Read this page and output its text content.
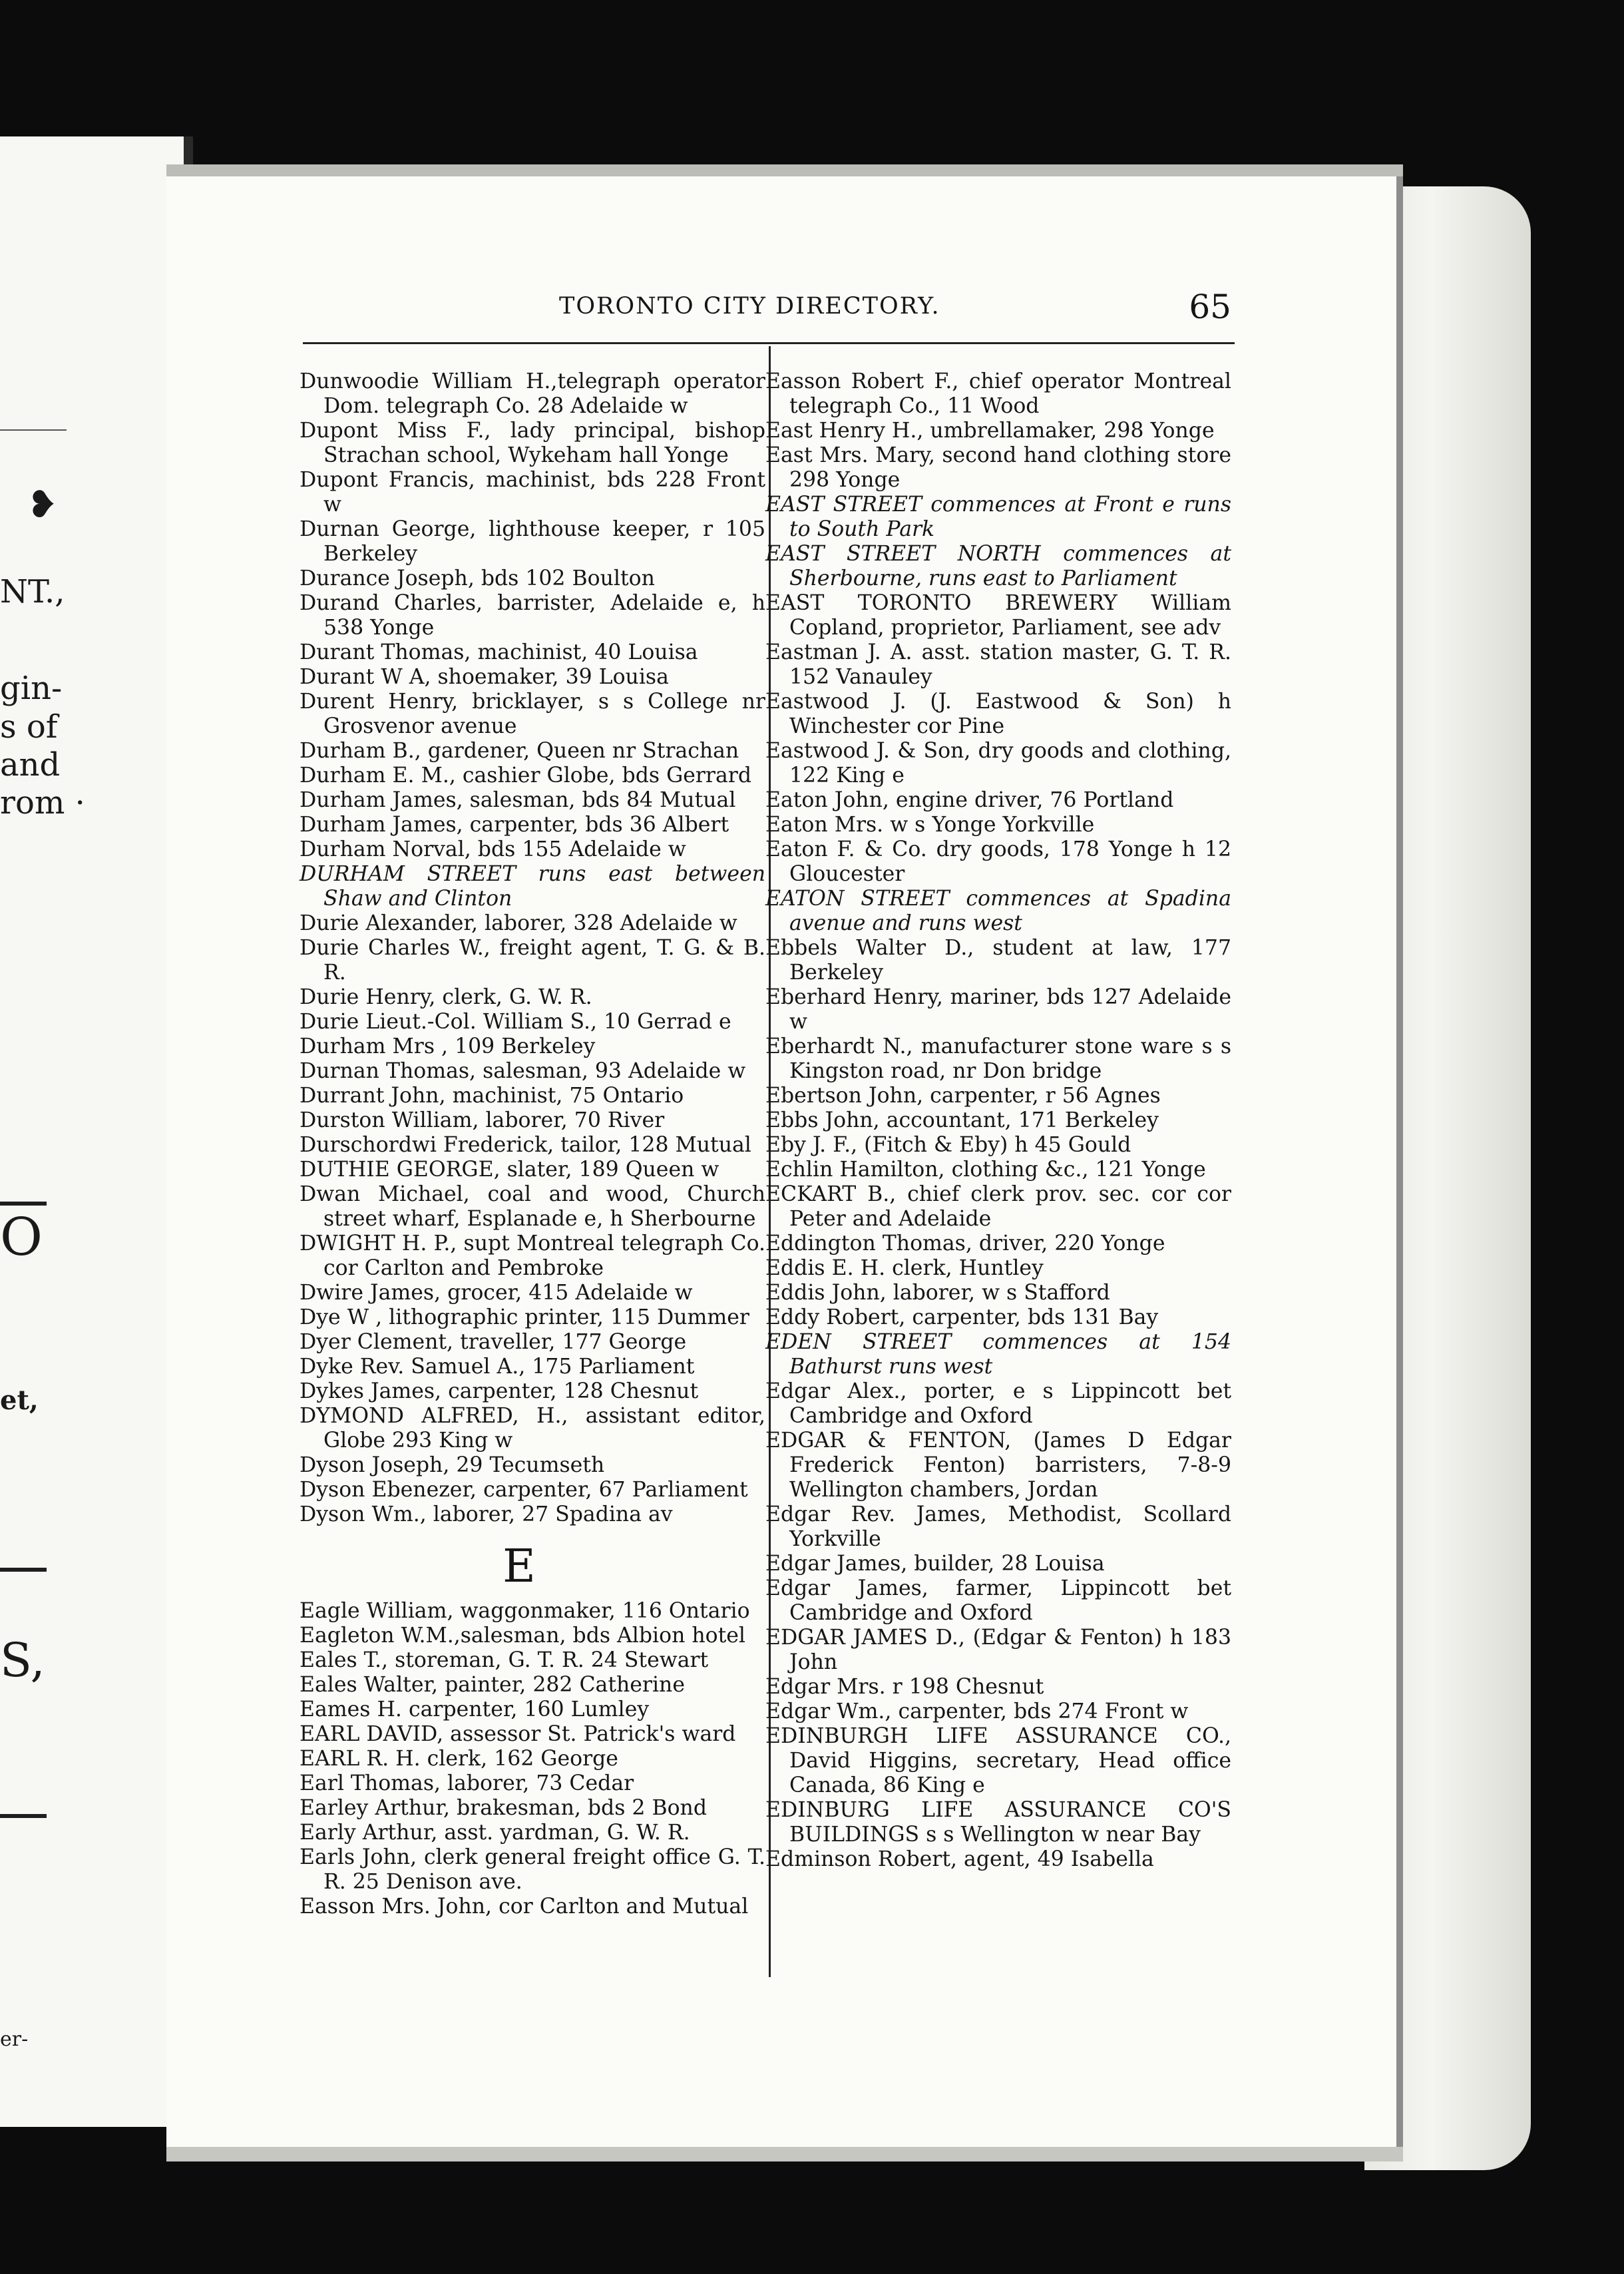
❥
NT.,
gin-
s of
and
rom ·
O
et,
S,
er-
TORONTO CITY DIRECTORY.	65

Dunwoodie William H.,telegraph operator Dom. telegraph Co. 28 Adelaide w

Dupont Miss F., lady principal, bishop Strachan school, Wykeham hall Yonge

Dupont Francis, machinist, bds 228 Front w

Durnan George, lighthouse keeper, r 105 Berkeley

Durance Joseph, bds 102 Boulton

Durand Charles, barrister, Adelaide e, h 538 Yonge

Durant Thomas, machinist, 40 Louisa

Durant W A, shoemaker, 39 Louisa

Durent Henry, bricklayer, s s College nr Grosvenor avenue

Durham B., gardener, Queen nr Strachan

Durham E. M., cashier Globe, bds Gerrard

Durham James, salesman, bds 84 Mutual

Durham James, carpenter, bds 36 Albert

Durham Norval, bds 155 Adelaide w

DURHAM STREET runs east between Shaw and Clinton

Durie Alexander, laborer, 328 Adelaide w

Durie Charles W., freight agent, T. G. & B. R.

Durie Henry, clerk, G. W. R.

Durie Lieut.-Col. William S., 10 Gerrad e

Durham Mrs , 109 Berkeley

Durnan Thomas, salesman, 93 Adelaide w

Durrant John, machinist, 75 Ontario

Durston William, laborer, 70 River

Durschordwi Frederick, tailor, 128 Mutual

DUTHIE GEORGE, slater, 189 Queen w

Dwan Michael, coal and wood, Church street wharf, Esplanade e, h Sherbourne

DWIGHT H. P., supt Montreal telegraph Co. cor Carlton and Pembroke

Dwire James, grocer, 415 Adelaide w

Dye W , lithographic printer, 115 Dummer

Dyer Clement, traveller, 177 George

Dyke Rev. Samuel A., 175 Parliament

Dykes James, carpenter, 128 Chesnut

DYMOND ALFRED, H., assistant editor, Globe 293 King w

Dyson Joseph, 29 Tecumseth

Dyson Ebenezer, carpenter, 67 Parliament

Dyson Wm., laborer, 27 Spadina av

E

Eagle William, waggonmaker, 116 Ontario

Eagleton W.M.,salesman, bds Albion hotel

Eales T., storeman, G. T. R. 24 Stewart

Eales Walter, painter, 282 Catherine

Eames H. carpenter, 160 Lumley

EARL DAVID, assessor St. Patrick's ward

EARL R. H. clerk, 162 George

Earl Thomas, laborer, 73 Cedar

Earley Arthur, brakesman, bds 2 Bond

Early Arthur, asst. yardman, G. W. R.

Earls John, clerk general freight office G. T. R. 25 Denison ave.

Easson Mrs. John, cor Carlton and Mutual

Easson Robert F., chief operator Montreal telegraph Co., 11 Wood

East Henry H., umbrellamaker, 298 Yonge

East Mrs. Mary, second hand clothing store 298 Yonge

EAST STREET commences at Front e runs to South Park

EAST STREET NORTH commences at Sherbourne, runs east to Parliament

EAST TORONTO BREWERY William Copland, proprietor, Parliament, see adv

Eastman J. A. asst. station master, G. T. R. 152 Vanauley

Eastwood J. (J. Eastwood & Son) h Winchester cor Pine

Eastwood J. & Son, dry goods and clothing, 122 King e

Eaton John, engine driver, 76 Portland

Eaton Mrs. w s Yonge Yorkville

Eaton F. & Co. dry goods, 178 Yonge h 12 Gloucester

EATON STREET commences at Spadina avenue and runs west

Ebbels Walter D., student at law, 177 Berkeley

Eberhard Henry, mariner, bds 127 Adelaide w

Eberhardt N., manufacturer stone ware s s Kingston road, nr Don bridge

Ebertson John, carpenter, r 56 Agnes

Ebbs John, accountant, 171 Berkeley

Eby J. F., (Fitch & Eby) h 45 Gould

Echlin Hamilton, clothing &c., 121 Yonge

ECKART B., chief clerk prov. sec. cor cor Peter and Adelaide

Eddington Thomas, driver, 220 Yonge

Eddis E. H. clerk, Huntley

Eddis John, laborer, w s Stafford

Eddy Robert, carpenter, bds 131 Bay

EDEN STREET commences at 154 Bathurst runs west

Edgar Alex., porter, e s Lippincott bet Cambridge and Oxford

EDGAR & FENTON, (James D Edgar Frederick Fenton) barristers, 7-8-9 Wellington chambers, Jordan

Edgar Rev. James, Methodist, Scollard Yorkville

Edgar James, builder, 28 Louisa

Edgar James, farmer, Lippincott bet Cambridge and Oxford

EDGAR JAMES D., (Edgar & Fenton) h 183 John

Edgar Mrs. r 198 Chesnut

Edgar Wm., carpenter, bds 274 Front w

EDINBURGH LIFE ASSURANCE CO., David Higgins, secretary, Head office Canada, 86 King e

EDINBURG LIFE ASSURANCE CO'S BUILDINGS s s Wellington w near Bay

Edminson Robert, agent, 49 Isabella
